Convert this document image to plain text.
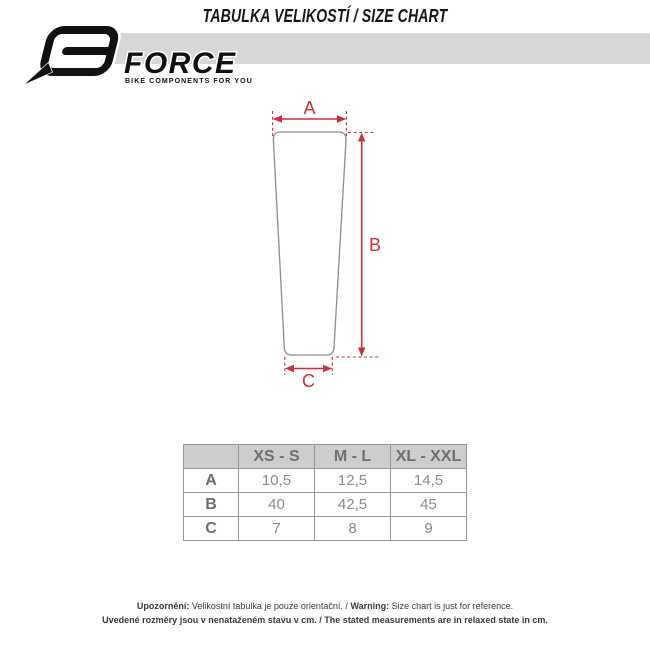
TABULKA VELIKOSTÍ / SIZE CHART
FORCE
BIKE COMPONENTS FOR YOU
A
B
C
	XS - S	M - L	XL - XXL
A	10,5	12,5	14,5
B	40	42,5	45
C	7	8	9

Upozornění: Velikostní tabulka je pouze orientační. / Warning: Size chart is just for reference.

Uvedené rozměry jsou v nenataženém stavu v cm. / The stated measurements are in relaxed state in cm.
